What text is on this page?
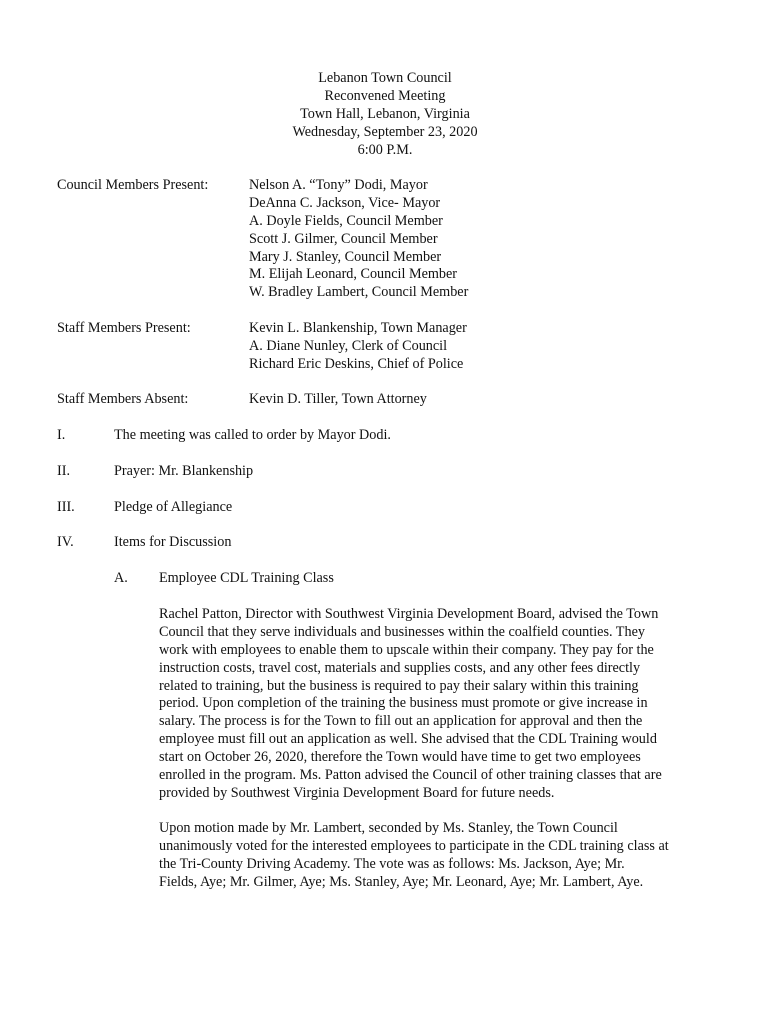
Lebanon Town Council
Reconvened Meeting
Town Hall, Lebanon, Virginia
Wednesday, September 23, 2020
6:00 P.M.
Council Members Present:	Nelson A. “Tony” Dodi, Mayor
DeAnna C. Jackson, Vice- Mayor
A. Doyle Fields, Council Member
Scott J. Gilmer, Council Member
Mary J. Stanley, Council Member
M. Elijah Leonard, Council Member
W. Bradley Lambert, Council Member
Staff Members Present:	Kevin L. Blankenship, Town Manager
A. Diane Nunley, Clerk of Council
Richard Eric Deskins, Chief of Police
Staff Members Absent:	Kevin D. Tiller, Town Attorney
I.	The meeting was called to order by Mayor Dodi.
II.	Prayer: Mr. Blankenship
III.	Pledge of Allegiance
IV.	Items for Discussion
A.	Employee CDL Training Class
Rachel Patton, Director with Southwest Virginia Development Board, advised the Town
Council that they serve individuals and businesses within the coalfield counties. They
work with employees to enable them to upscale within their company. They pay for the
instruction costs, travel cost, materials and supplies costs, and any other fees directly
related to training, but the business is required to pay their salary within this training
period. Upon completion of the training the business must promote or give increase in
salary. The process is for the Town to fill out an application for approval and then the
employee must fill out an application as well. She advised that the CDL Training would
start on October 26, 2020, therefore the Town would have time to get two employees
enrolled in the program. Ms. Patton advised the Council of other training classes that are
provided by Southwest Virginia Development Board for future needs.
Upon motion made by Mr. Lambert, seconded by Ms. Stanley, the Town Council
unanimously voted for the interested employees to participate in the CDL training class at
the Tri-County Driving Academy. The vote was as follows: Ms. Jackson, Aye; Mr.
Fields, Aye; Mr. Gilmer, Aye; Ms. Stanley, Aye; Mr. Leonard, Aye; Mr. Lambert, Aye.
